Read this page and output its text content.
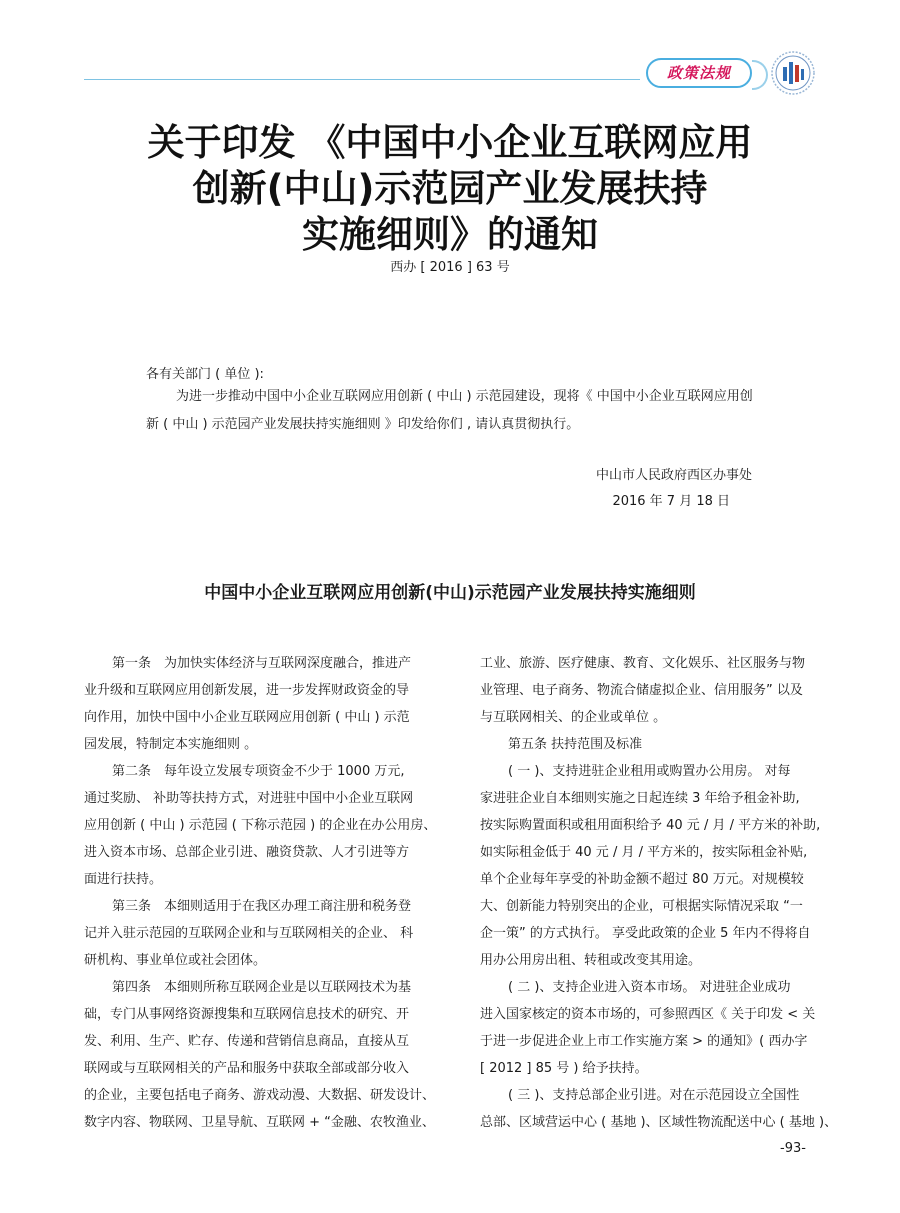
政策法规
关于印发 《中国中小企业互联网应用
创新(中山)示范园产业发展扶持
实施细则》的通知
西办 [ 2016 ] 63 号
各有关部门 ( 单位 ):
为进一步推动中国中小企业互联网应用创新 ( 中山 ) 示范园建设，现将《 中国中小企业互联网应用创
新 ( 中山 ) 示范园产业发展扶持实施细则 》印发给你们 , 请认真贯彻执行。
中山市人民政府西区办事处
2016 年 7 月 18 日
中国中小企业互联网应用创新(中山)示范园产业发展扶持实施细则
第一条　为加快实体经济与互联网深度融合，推进产
业升级和互联网应用创新发展，进一步发挥财政资金的导
向作用，加快中国中小企业互联网应用创新 ( 中山 ) 示范
园发展，特制定本实施细则 。
第二条　每年设立发展专项资金不少于 1000 万元,
通过奖励、 补助等扶持方式，对进驻中国中小企业互联网
应用创新 ( 中山 ) 示范园 ( 下称示范园 ) 的企业在办公用房、
进入资本市场、总部企业引进、融资贷款、人才引进等方
面进行扶持。
第三条　本细则适用于在我区办理工商注册和税务登
记并入驻示范园的互联网企业和与互联网相关的企业、 科
研机构、事业单位或社会团体。
第四条　本细则所称互联网企业是以互联网技术为基
础，专门从事网络资源搜集和互联网信息技术的研究、开
发、利用、生产、贮存、传递和营销信息商品，直接从互
联网或与互联网相关的产品和服务中获取全部或部分收入
的企业，主要包括电子商务、游戏动漫、大数据、研发设计、
数字内容、物联网、卫星导航、互联网 + “金融、农牧渔业、
工业、旅游、医疗健康、教育、文化娱乐、社区服务与物
业管理、电子商务、物流合储虚拟企业、信用服务” 以及
与互联网相关、的企业或单位 。
第五条 扶持范围及标准
( 一 )、支持进驻企业租用或购置办公用房。 对每
家进驻企业自本细则实施之日起连续 3 年给予租金补助,
按实际购置面积或租用面积给予 40 元 / 月 / 平方米的补助,
如实际租金低于 40 元 / 月 / 平方米的，按实际租金补贴,
单个企业每年享受的补助金额不超过 80 万元。对规模较
大、创新能力特别突出的企业，可根据实际情况采取 “一
企一策” 的方式执行。 享受此政策的企业 5 年内不得将自
用办公用房出租、转租或改变其用途。
( 二 )、支持企业进入资本市场。 对进驻企业成功
进入国家核定的资本市场的，可参照西区《 关于印发 < 关
于进一步促进企业上市工作实施方案 > 的通知》( 西办字
[ 2012 ] 85 号 ) 给予扶持。
( 三 )、支持总部企业引进。对在示范园设立全国性
总部、区域营运中心 ( 基地 )、区域性物流配送中心 ( 基地 )、
-93-
